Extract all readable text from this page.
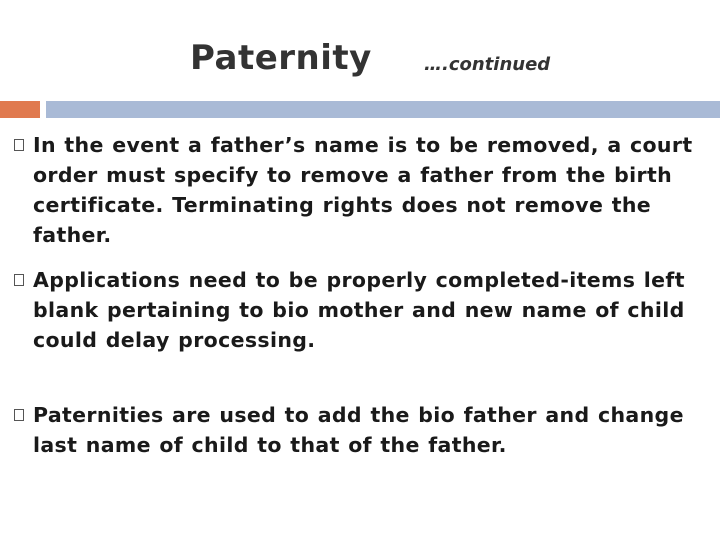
Paternity	….continued
In the event a father’s name is to be removed, a court order must specify to remove a father from the birth certificate. Terminating rights does not remove the father.
Applications need to be properly completed-items left blank pertaining to bio mother and new name of child could delay processing.
Paternities are used to add the bio father and change last name of child to that of the father.
